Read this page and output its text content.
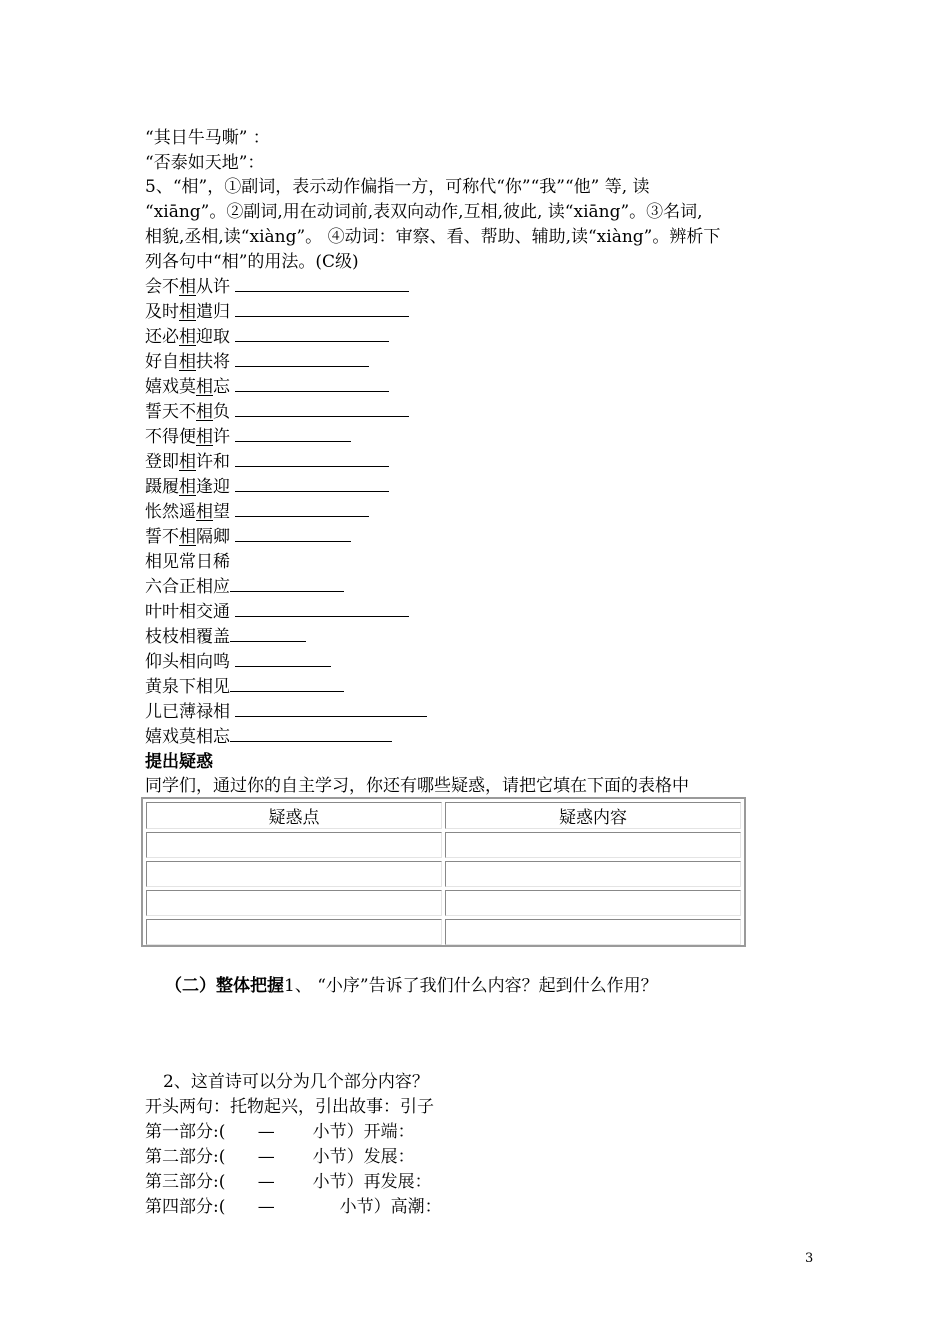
“其日牛马嘶” ：
“否泰如天地”：
5、“相”，①副词，表示动作偏指一方，可称代“你”“我”“他” 等, 读
“xiāng”。②副词,用在动词前,表双向动作,互相,彼此, 读“xiāng”。③名词,
相貌,丞相,读“xiàng”。 ④动词：审察、看、帮助、辅助,读“xiàng”。辨析下
列各句中“相”的用法。(C级)
会不相从许
及时相遣归
还必相迎取
好自相扶将
嬉戏莫相忘
誓天不相负
不得便相许
登即相许和
蹑履相逢迎
怅然遥相望
誓不相隔卿
相见常日稀
六合正相应
叶叶相交通
枝枝相覆盖
仰头相向鸣
黄泉下相见
儿已薄禄相
嬉戏莫相忘
提出疑惑
同学们，通过你的自主学习，你还有哪些疑惑，请把它填在下面的表格中
疑惑点	疑惑内容

（二）整体把握1、 “小序”告诉了我们什么内容？起到什么作用？
2、这首诗可以分为几个部分内容？
开头两句：托物起兴，引出故事：引子
第一部分:(      —       小节）开端：
第二部分:(      —       小节）发展：
第三部分:(      —       小节）再发展：
第四部分:(      —            小节）高潮：
3
